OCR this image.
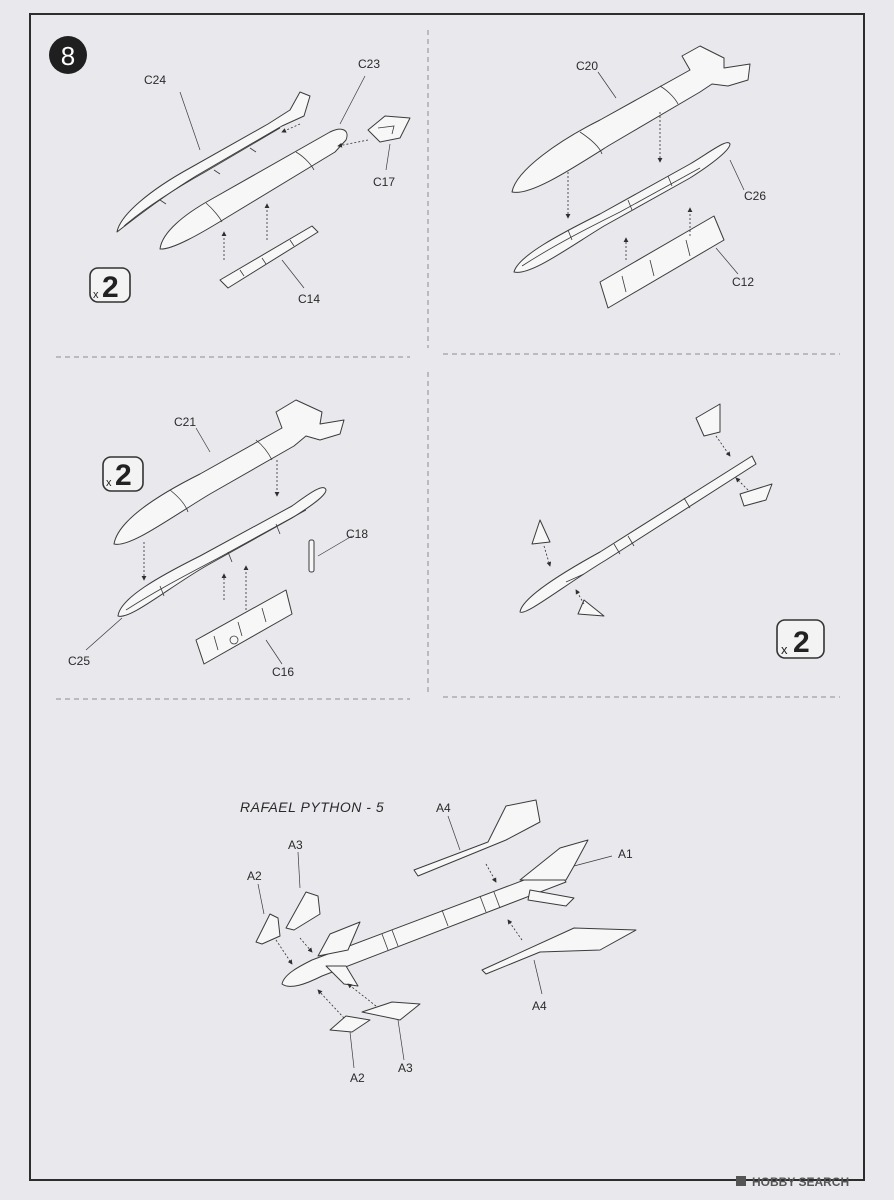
8
C24
C23
C17
C14
x 2
C20
C26
C12
C21
C18
C25
C16
x 2
x 2
RAFAEL PYTHON - 5
A1
A4
A3
A2
A4
A3
A2
HOBBY SEARCH
